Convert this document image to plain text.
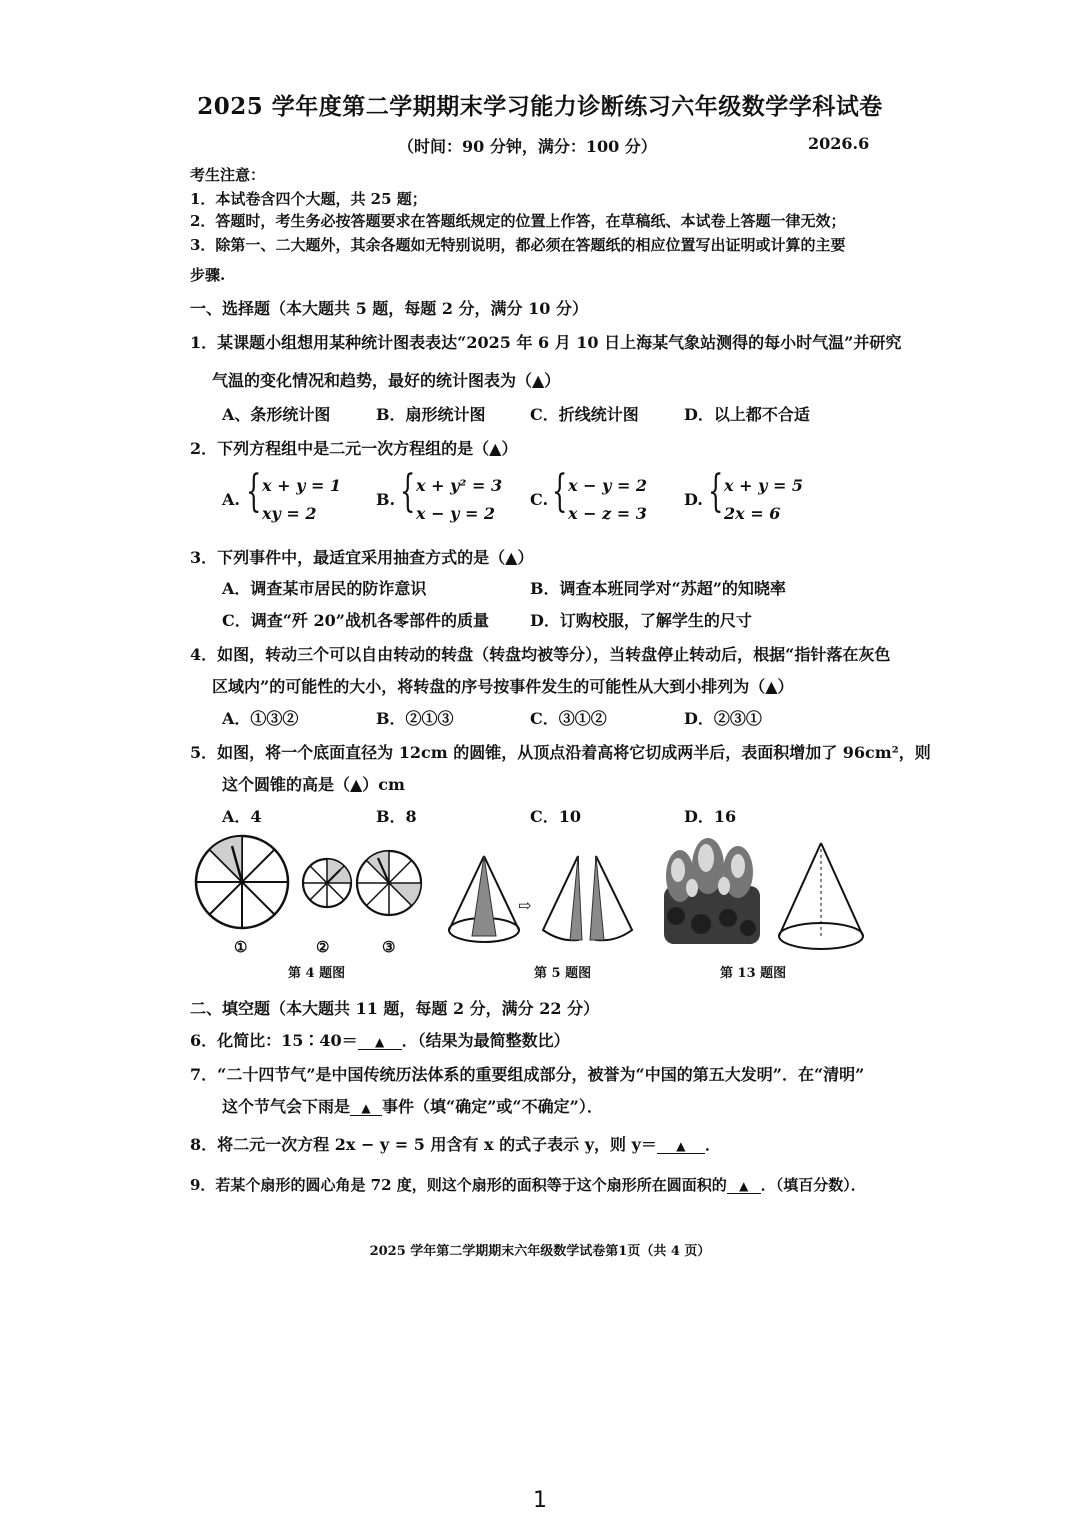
2025 学年度第二学期期末学习能力诊断练习六年级数学学科试卷
（时间：90 分钟，满分：100 分）	2026.6
考生注意：
1．本试卷含四个大题，共 25 题；
2．答题时，考生务必按答题要求在答题纸规定的位置上作答，在草稿纸、本试卷上答题一律无效；
3．除第一、二大题外，其余各题如无特别说明，都必须在答题纸的相应位置写出证明或计算的主要
步骤.
一、选择题（本大题共 5 题，每题 2 分，满分 10 分）
1．某课题小组想用某种统计图表表达“2025 年 6 月 10 日上海某气象站测得的每小时气温”并研究
气温的变化情况和趋势，最好的统计图表为（▲）
A、条形统计图	B．扇形统计图	C．折线统计图	D．以上都不合适
2．下列方程组中是二元一次方程组的是（▲）
A. { x + y = 1
xy = 2
B. { x + y² = 3
x − y = 2
C. { x − y = 2
x − z = 3
D. { x + y = 5
2x = 6
3．下列事件中，最适宜采用抽查方式的是（▲）
A．调查某市居民的防诈意识	B．调查本班同学对“苏超”的知晓率
C．调查“歼 20”战机各零部件的质量	D．订购校服，了解学生的尺寸
4．如图，转动三个可以自由转动的转盘（转盘均被等分），当转盘停止转动后，根据“指针落在灰色
区域内”的可能性的大小，将转盘的序号按事件发生的可能性从大到小排列为（▲）
A．①③②	B．②①③	C．③①②	D．②③①
5．如图，将一个底面直径为 12cm 的圆锥，从顶点沿着高将它切成两半后，表面积增加了 96cm²，则
这个圆锥的高是（▲）cm
A．4	B．8	C．10	D．16
①	②	③
⇨
第 4 题图	第 5 题图	第 13 题图
二、填空题（本大题共 11 题，每题 2 分，满分 22 分）
6．化简比：15∶40＝ ▲ ．（结果为最简整数比）
7．“二十四节气”是中国传统历法体系的重要组成部分，被誉为“中国的第五大发明”．在“清明”
这个节气会下雨是 ▲ 事件（填“确定”或“不确定”）．
8．将二元一次方程 2x − y = 5 用含有 x 的式子表示 y，则 y＝ ▲ ．
9．若某个扇形的圆心角是 72 度，则这个扇形的面积等于这个扇形所在圆面积的 ▲ ．（填百分数）．
2025 学年第二学期期末六年级数学试卷第1页（共 4 页）
1
